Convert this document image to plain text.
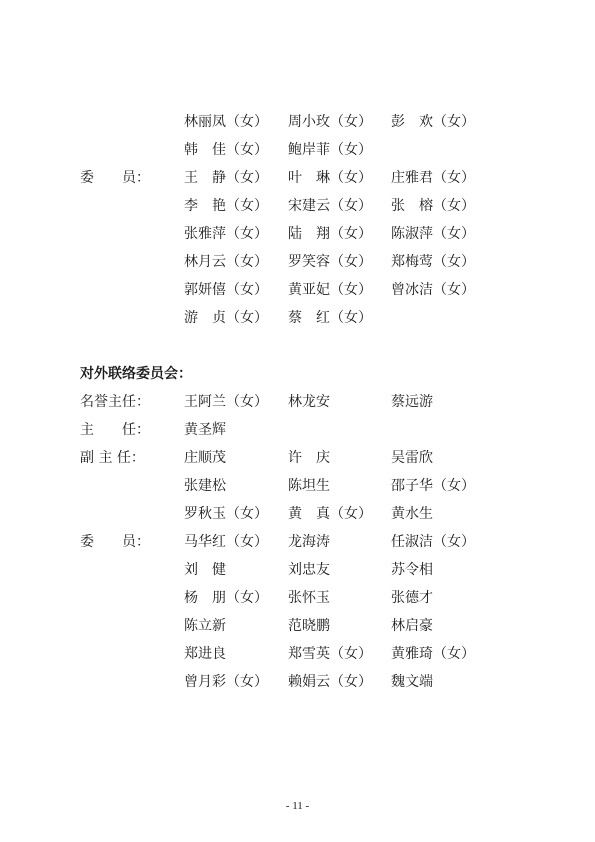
林丽凤（女） 周小玫（女） 彭　欢（女）
韩　佳（女） 鲍岸菲（女）
委　　员： 王　静（女） 叶　琳（女） 庄雅君（女）
李　艳（女） 宋建云（女） 张　榕（女）
张雅萍（女） 陆　翔（女） 陈淑萍（女）
林月云（女） 罗笑容（女） 郑梅莺（女）
郭妍僖（女） 黄亚妃（女） 曾冰洁（女）
游　贞（女） 蔡　红（女）
对外联络委员会：
名誉主任： 王阿兰（女） 林龙安	蔡远游
主　　任： 黄圣辉
副 主 任：	庄顺茂	许　庆	吴雷欣
张建松	陈坦生	邵子华（女）
罗秋玉（女） 黄　真（女） 黄水生
委　　员： 马华红（女） 龙海涛	任淑洁（女）
刘　健	刘忠友	苏令相
杨　朋（女） 张怀玉	张德才
陈立新	范晓鹏	林启豪
郑进良	郑雪英（女） 黄雅琦（女）
曾月彩（女） 赖娟云（女） 魏文端
- 11 -
